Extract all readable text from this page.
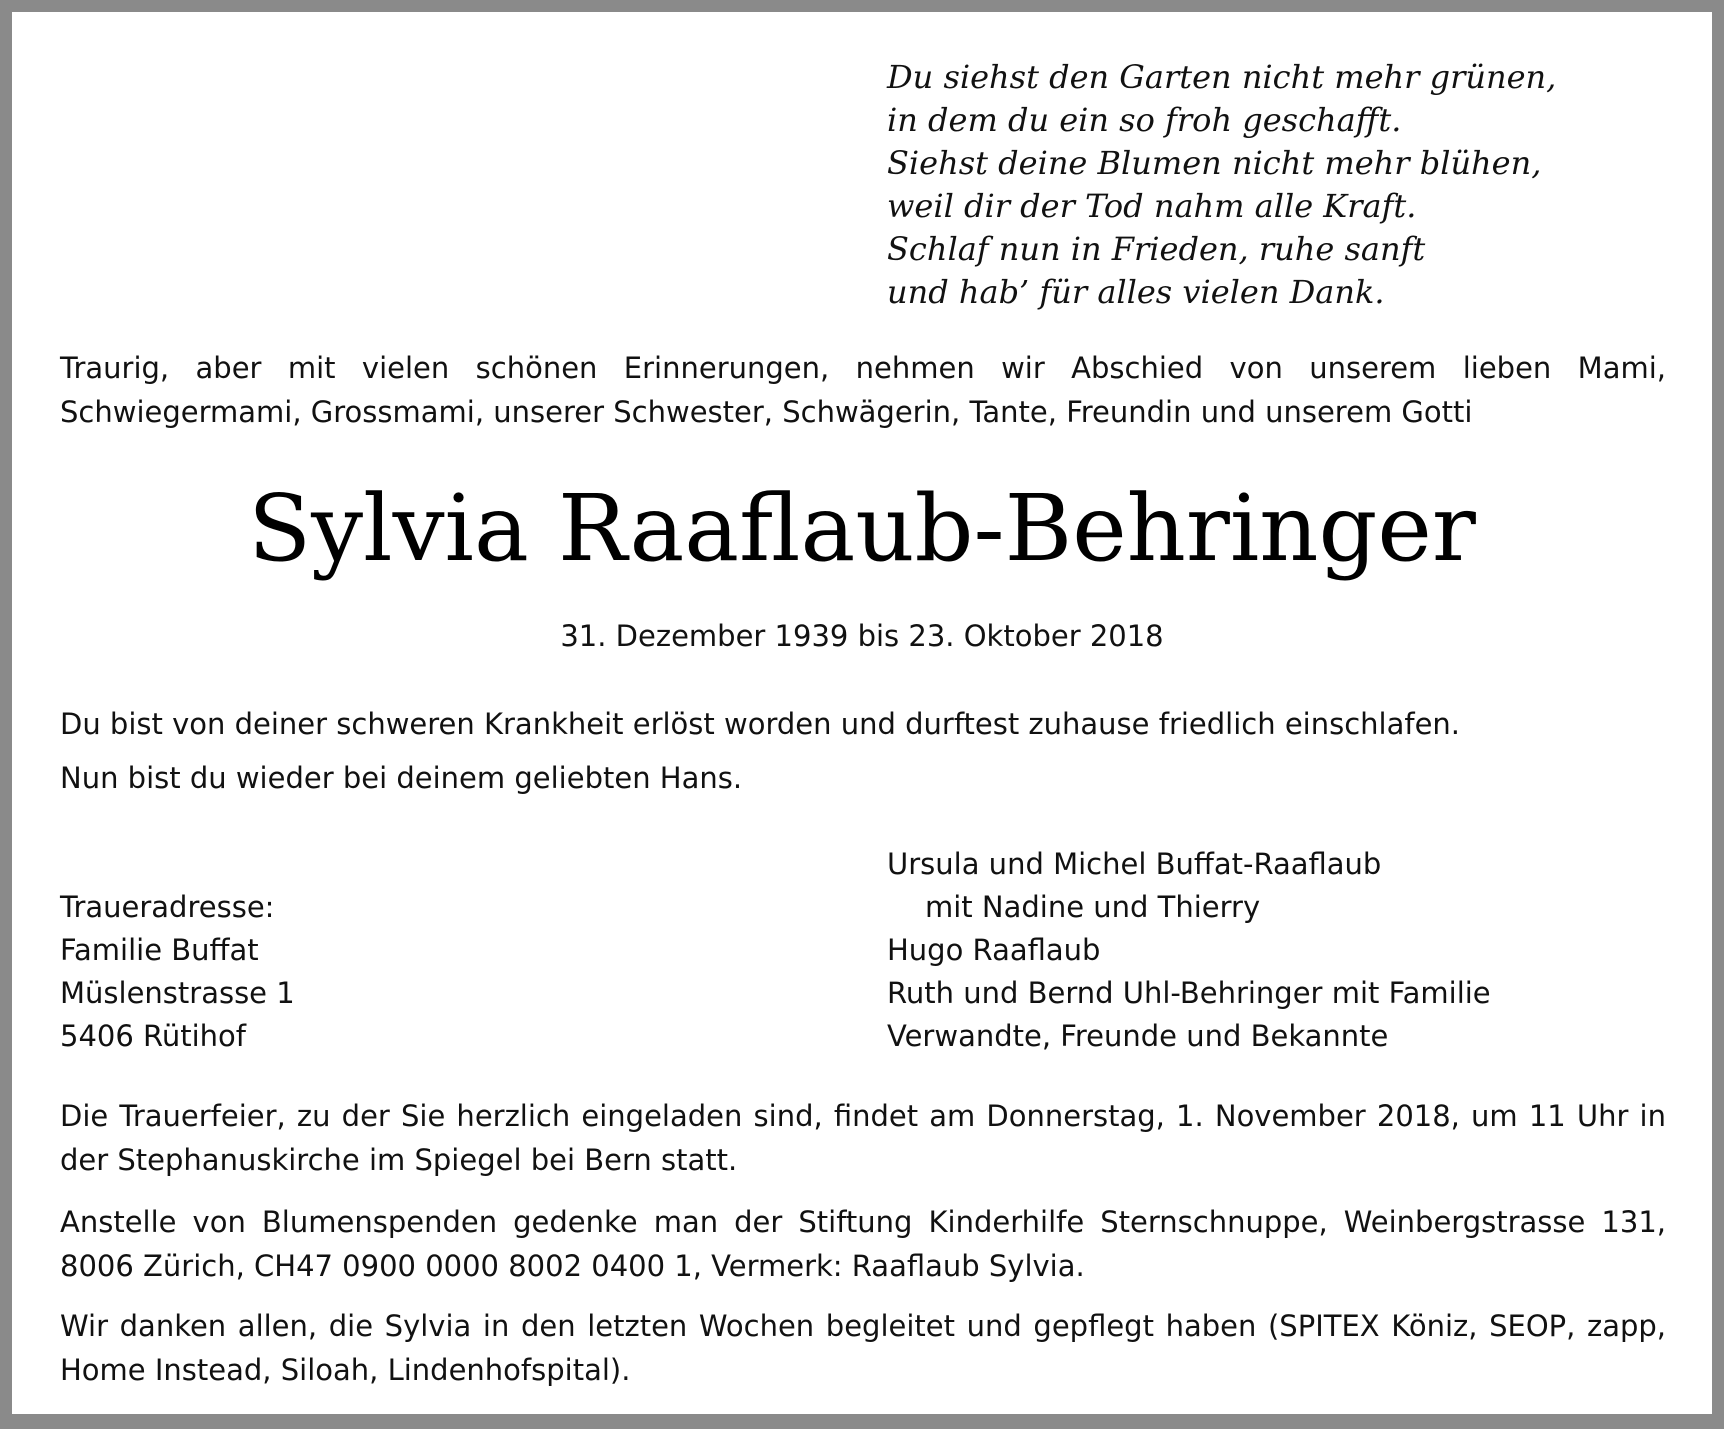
Du siehst den Garten nicht mehr grünen,
in dem du ein so froh geschafft.
Siehst deine Blumen nicht mehr blühen,
weil dir der Tod nahm alle Kraft.
Schlaf nun in Frieden, ruhe sanft
und hab’ für alles vielen Dank.
Traurig, aber mit vielen schönen Erinnerungen, nehmen wir Abschied von unserem lieben Mami, Schwiegermami, Grossmami, unserer Schwester, Schwägerin, Tante, Freundin und unserem Gotti
Sylvia Raaflaub-Behringer
31. Dezember 1939 bis 23. Oktober 2018
Du bist von deiner schweren Krankheit erlöst worden und durftest zuhause friedlich einschlafen.
Nun bist du wieder bei deinem geliebten Hans.
Traueradresse:
Familie Buffat
Müslenstrasse 1
5406 Rütihof
Ursula und Michel Buffat-Raaflaub
mit Nadine und Thierry
Hugo Raaflaub
Ruth und Bernd Uhl-Behringer mit Familie
Verwandte, Freunde und Bekannte
Die Trauerfeier, zu der Sie herzlich eingeladen sind, findet am Donnerstag, 1. November 2018, um 11 Uhr in der Stephanuskirche im Spiegel bei Bern statt.
Anstelle von Blumenspenden gedenke man der Stiftung Kinderhilfe Sternschnuppe, Weinbergstrasse 131, 8006 Zürich, CH47 0900 0000 8002 0400 1, Vermerk: Raaflaub Sylvia.
Wir danken allen, die Sylvia in den letzten Wochen begleitet und gepflegt haben (SPITEX Köniz, SEOP, zapp, Home Instead, Siloah, Lindenhofspital).
